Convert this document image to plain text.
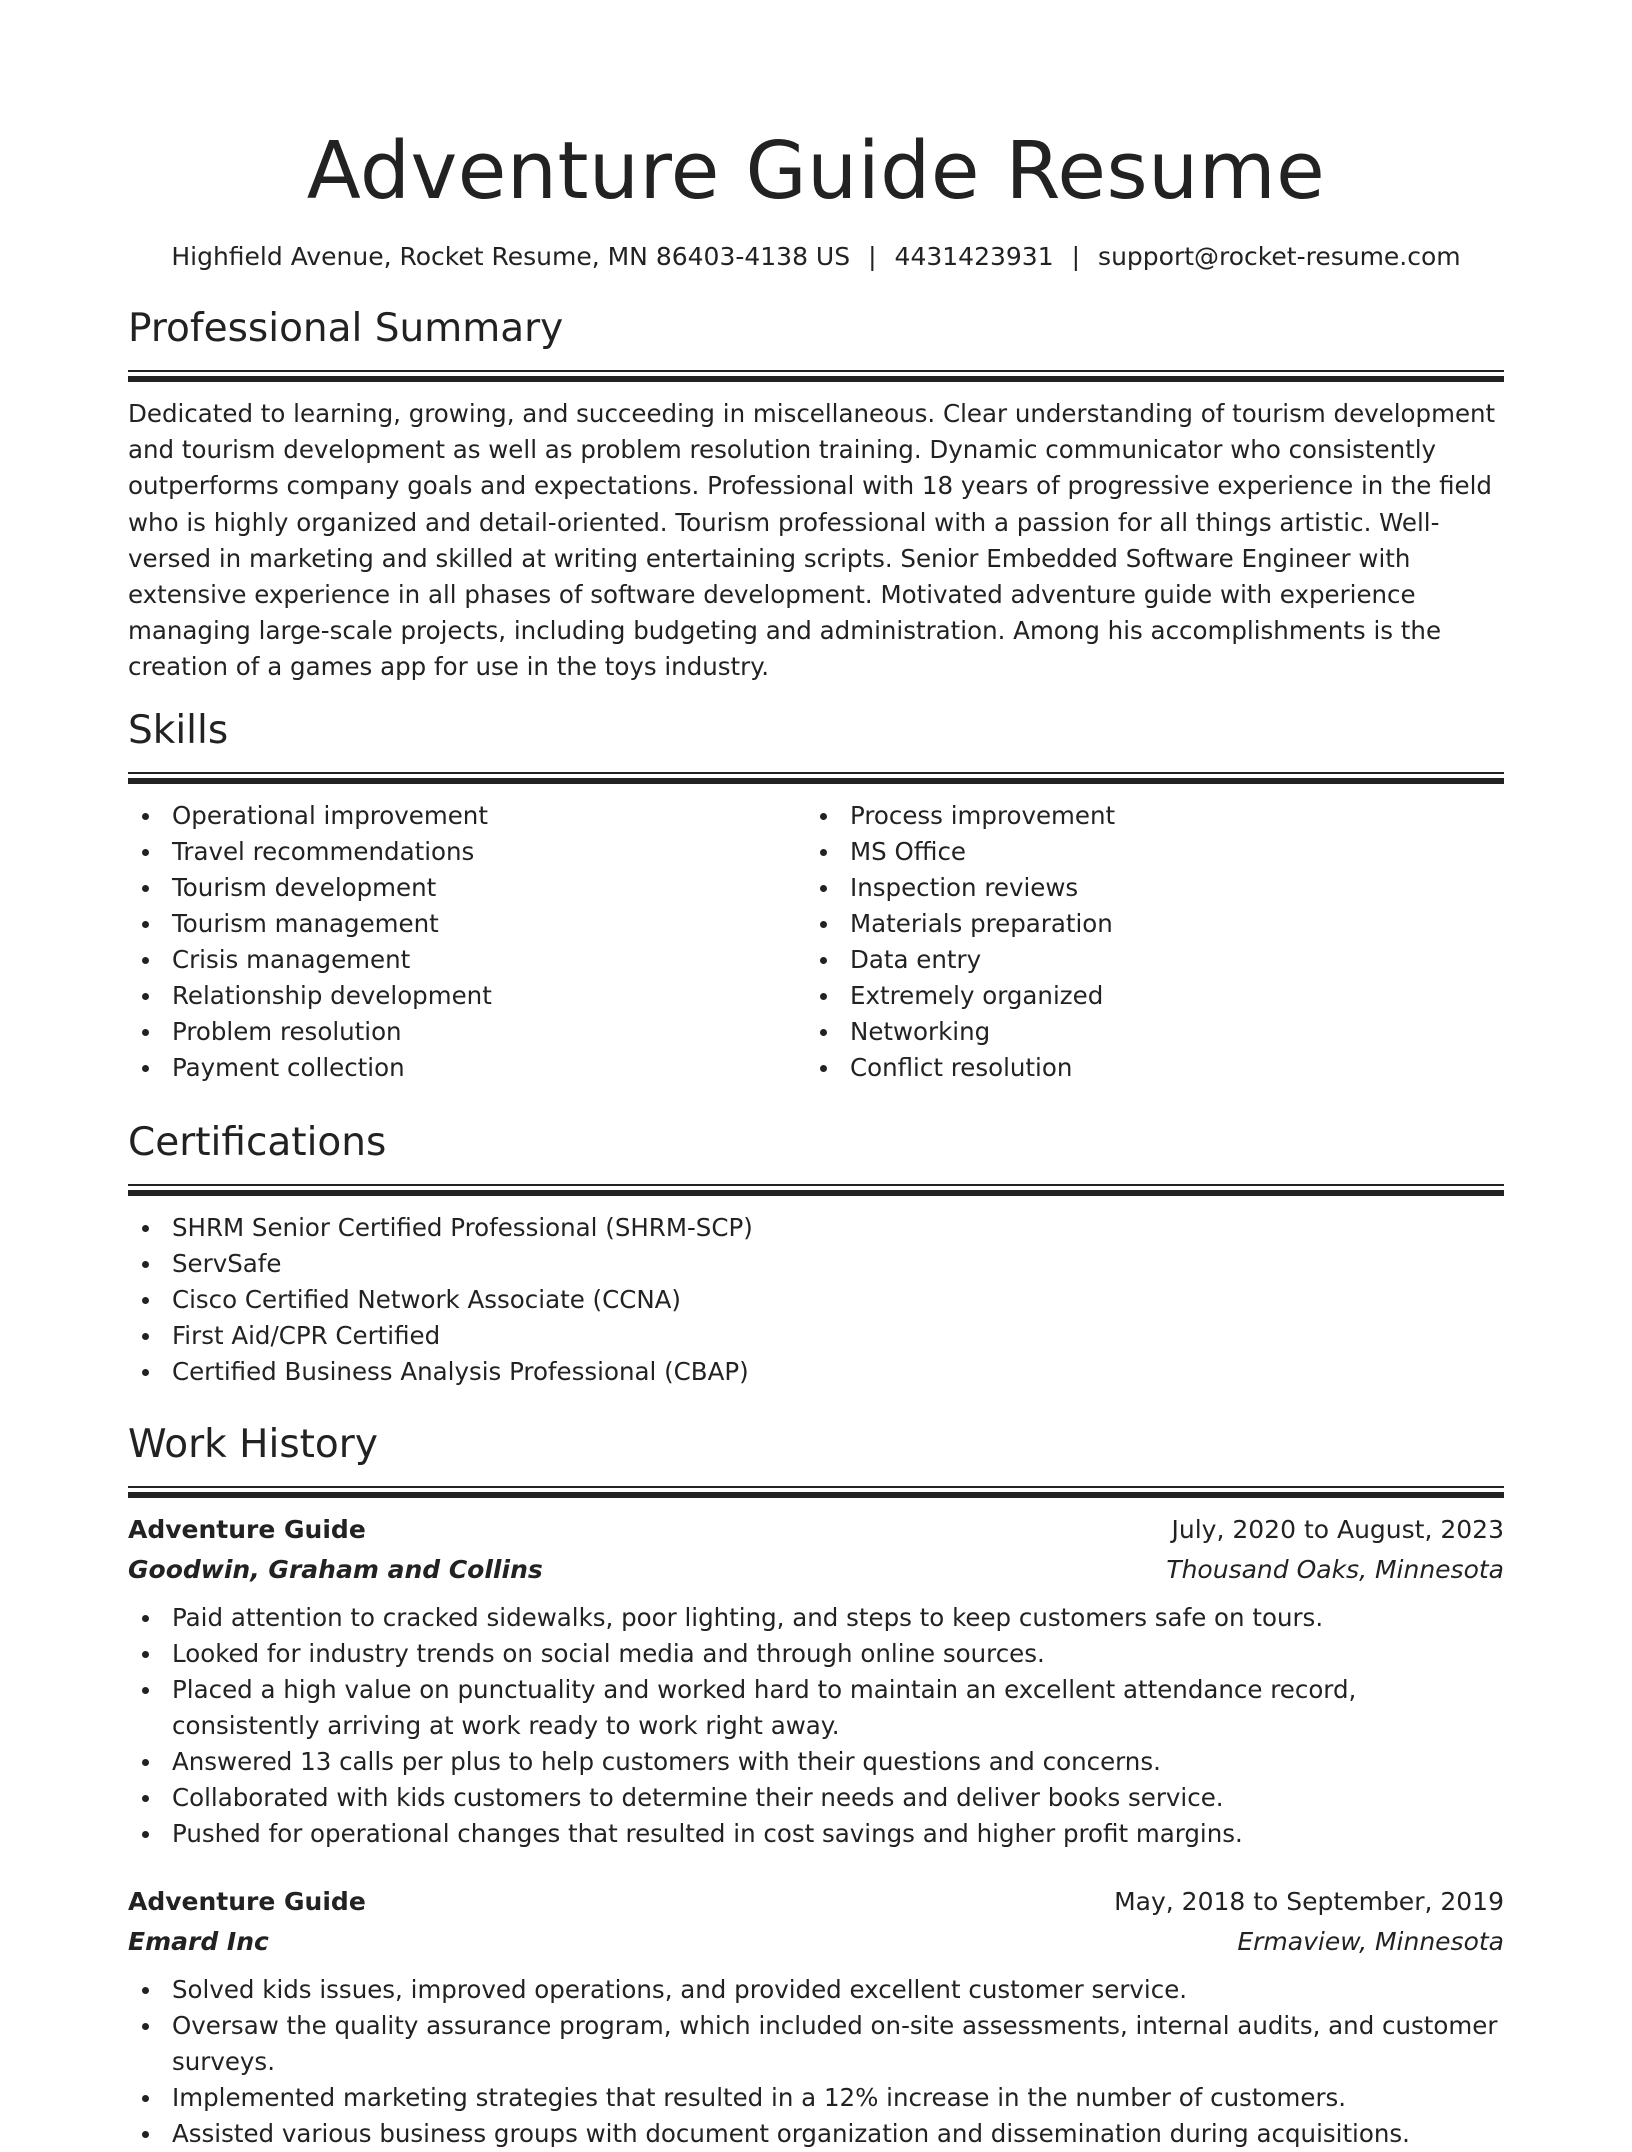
Adventure Guide Resume
Highfield Avenue, Rocket Resume, MN 86403-4138 US | 4431423931 | support@rocket-resume.com
Professional Summary

Dedicated to learning, growing, and succeeding in miscellaneous. Clear understanding of tourism development and tourism development as well as problem resolution training. Dynamic communicator who consistently outperforms company goals and expectations. Professional with 18 years of progressive experience in the field who is highly organized and detail-oriented. Tourism professional with a passion for all things artistic. Well-versed in marketing and skilled at writing entertaining scripts. Senior Embedded Software Engineer with extensive experience in all phases of software development. Motivated adventure guide with experience managing large-scale projects, including budgeting and administration. Among his accomplishments is the creation of a games app for use in the toys industry.

Skills
Operational improvement
Travel recommendations
Tourism development
Tourism management
Crisis management
Relationship development
Problem resolution
Payment collection
Process improvement
MS Office
Inspection reviews
Materials preparation
Data entry
Extremely organized
Networking
Conflict resolution
Certifications
SHRM Senior Certified Professional (SHRM-SCP)
ServSafe
Cisco Certified Network Associate (CCNA)
First Aid/CPR Certified
Certified Business Analysis Professional (CBAP)
Work History
Adventure Guide	July, 2020 to August, 2023
Goodwin, Graham and Collins	Thousand Oaks, Minnesota
Paid attention to cracked sidewalks, poor lighting, and steps to keep customers safe on tours.
Looked for industry trends on social media and through online sources.
Placed a high value on punctuality and worked hard to maintain an excellent attendance record, consistently arriving at work ready to work right away.
Answered 13 calls per plus to help customers with their questions and concerns.
Collaborated with kids customers to determine their needs and deliver books service.
Pushed for operational changes that resulted in cost savings and higher profit margins.
Adventure Guide	May, 2018 to September, 2019
Emard Inc	Ermaview, Minnesota
Solved kids issues, improved operations, and provided excellent customer service.
Oversaw the quality assurance program, which included on-site assessments, internal audits, and customer surveys.
Implemented marketing strategies that resulted in a 12% increase in the number of customers.
Assisted various business groups with document organization and dissemination during acquisitions.
